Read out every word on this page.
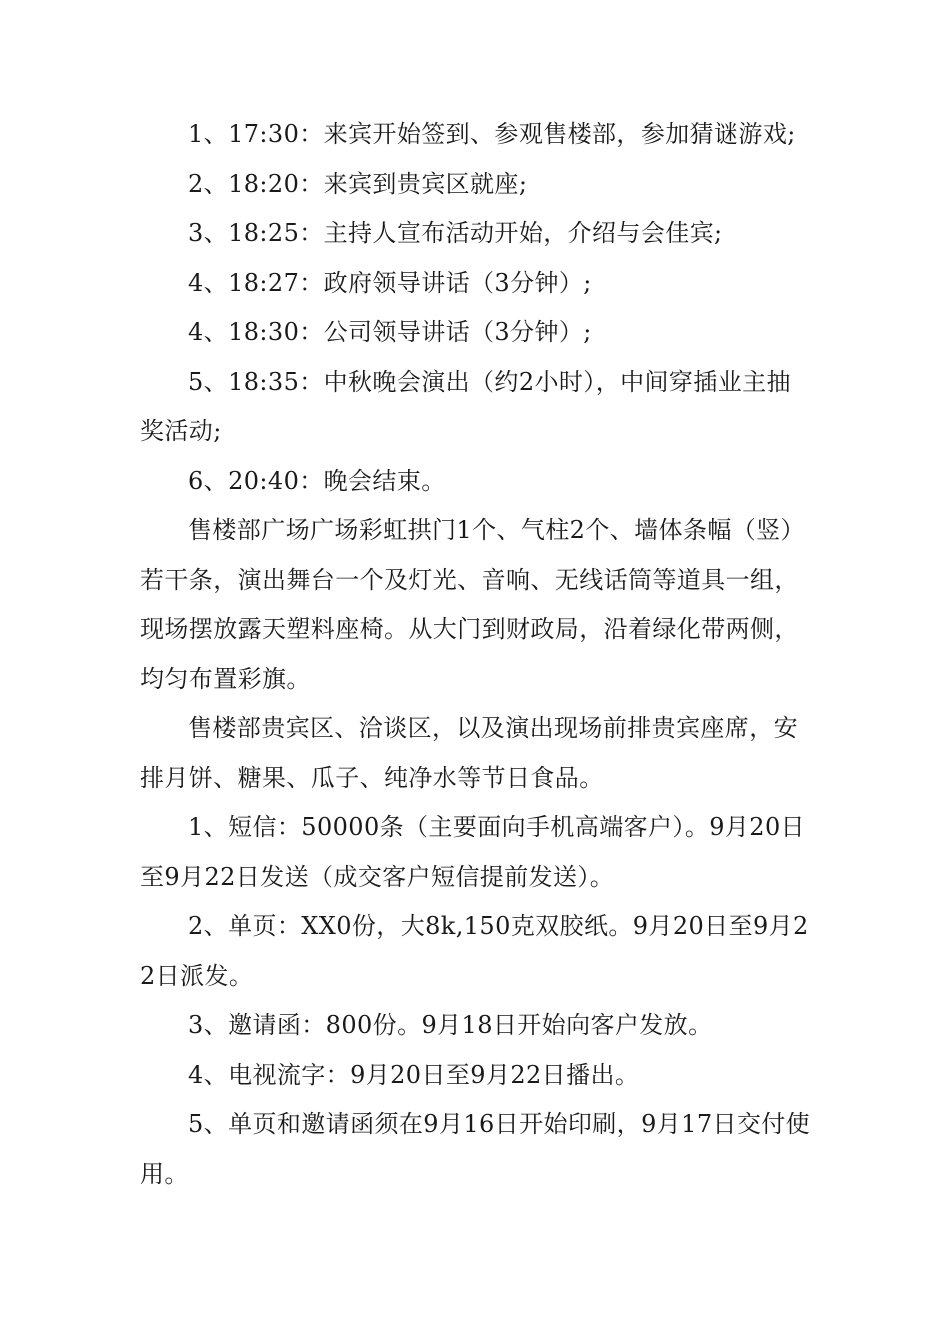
1、17:30：来宾开始签到、参观售楼部，参加猜谜游戏;

2、18:20：来宾到贵宾区就座;

3、18:25：主持人宣布活动开始，介绍与会佳宾;

4、18:27：政府领导讲话（3分钟）;

4、18:30：公司领导讲话（3分钟）;

5、18:35：中秋晚会演出（约2小时），中间穿插业主抽奖活动;

6、20:40：晚会结束。

售楼部广场广场彩虹拱门1个、气柱2个、墙体条幅（竖）若干条，演出舞台一个及灯光、音响、无线话筒等道具一组，现场摆放露天塑料座椅。从大门到财政局，沿着绿化带两侧，均匀布置彩旗。

售楼部贵宾区、洽谈区，以及演出现场前排贵宾座席，安排月饼、糖果、瓜子、纯净水等节日食品。

1、短信：50000条（主要面向手机高端客户）。9月20日至9月22日发送（成交客户短信提前发送）。

2、单页：XX0份，大8k,150克双胶纸。9月20日至9月22日派发。

3、邀请函：800份。9月18日开始向客户发放。

4、电视流字：9月20日至9月22日播出。

5、单页和邀请函须在9月16日开始印刷，9月17日交付使用。
